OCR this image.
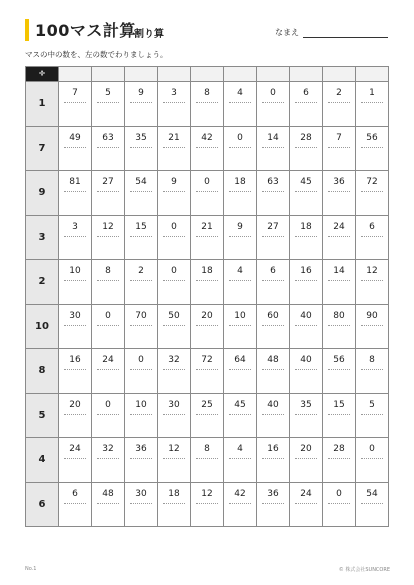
100マス計算
割り算	なまえ
マスの中の数を、左の数でわりましょう。
÷										
1	7	5	9	3	8	4	0	6	2	1

7	49	63	35	21	42	0	14	28	7	56

9	81	27	54	9	0	18	63	45	36	72

3	3	12	15	0	21	9	27	18	24	6

2	10	8	2	0	18	4	6	16	14	12

10	30	0	70	50	20	10	60	40	80	90

8	16	24	0	32	72	64	48	40	56	8

5	20	0	10	30	25	45	40	35	15	5

4	24	32	36	12	8	4	16	20	28	0

6	6	48	30	18	12	42	36	24	0	54
No.1	© 株式会社SUNCORE
